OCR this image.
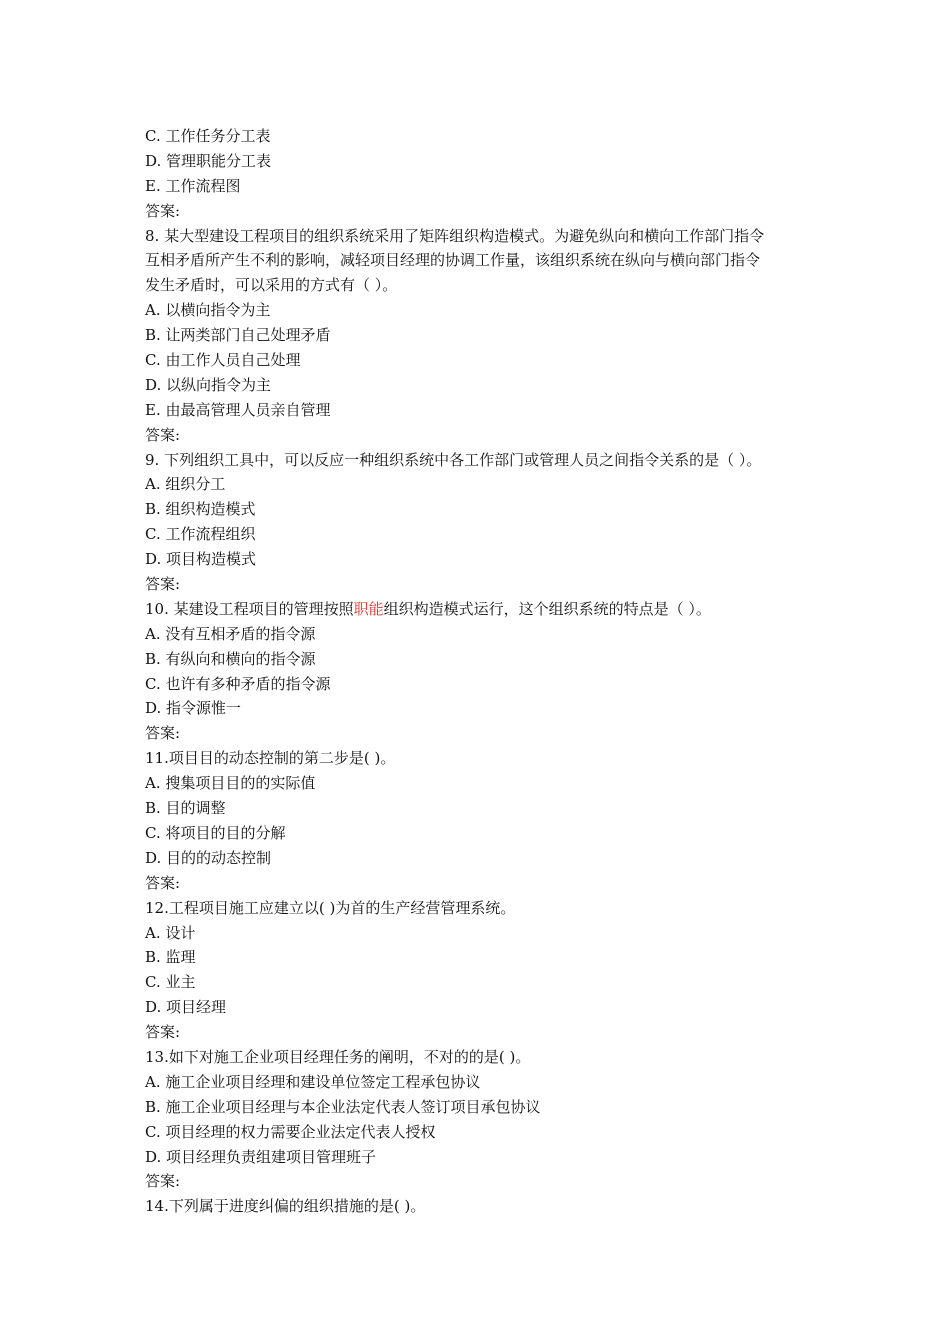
C. 工作任务分工表
D. 管理职能分工表
E. 工作流程图
答案:
8. 某大型建设工程项目的组织系统采用了矩阵组织构造模式。为避免纵向和横向工作部门指令
互相矛盾所产生不利的影响，减轻项目经理的协调工作量，该组织系统在纵向与横向部门指令
发生矛盾时，可以采用的方式有（ ）。
A. 以横向指令为主
B. 让两类部门自己处理矛盾
C. 由工作人员自己处理
D. 以纵向指令为主
E. 由最高管理人员亲自管理
答案:
9. 下列组织工具中，可以反应一种组织系统中各工作部门或管理人员之间指令关系的是（ ）。
A. 组织分工
B. 组织构造模式
C. 工作流程组织
D. 项目构造模式
答案:
10. 某建设工程项目的管理按照职能组织构造模式运行，这个组织系统的特点是（ ）。
A. 没有互相矛盾的指令源
B. 有纵向和横向的指令源
C. 也许有多种矛盾的指令源
D. 指令源惟一
答案:
11.项目目的动态控制的第二步是( )。
A. 搜集项目目的的实际值
B. 目的调整
C. 将项目的目的分解
D. 目的的动态控制
答案:
12.工程项目施工应建立以( )为首的生产经营管理系统。
A. 设计
B. 监理
C. 业主
D. 项目经理
答案:
13.如下对施工企业项目经理任务的阐明，不对的的是( )。
A. 施工企业项目经理和建设单位签定工程承包协议
B. 施工企业项目经理与本企业法定代表人签订项目承包协议
C. 项目经理的权力需要企业法定代表人授权
D. 项目经理负责组建项目管理班子
答案:
14.下列属于进度纠偏的组织措施的是( )。
